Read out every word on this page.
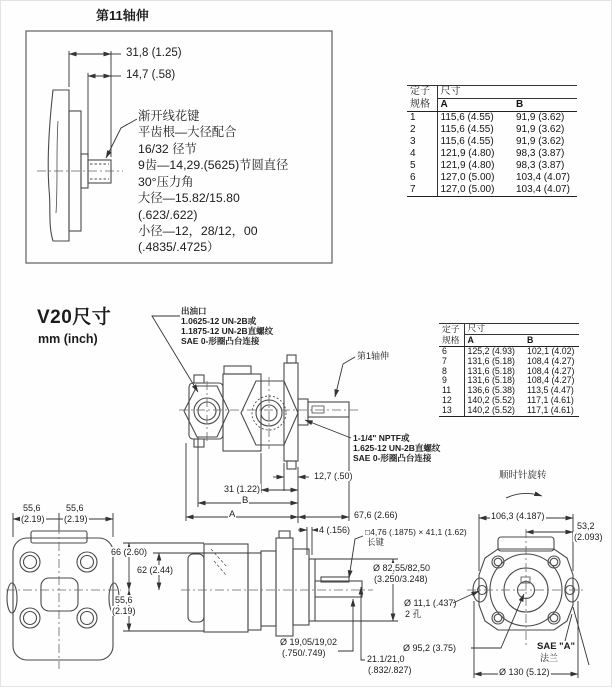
第11轴伸
31,8 (1.25)
14,7 (.58)
渐开线花键
平齿根—大径配合
16/32 径节
9齿—14,29.(5625)节圆直径
30°压力角
大径—15.82/15.80
(.623/.622)
小径—12，28/12，00
(.4835/.4725）
定子
规格	尺寸	
	A	B
1	115,6 (4.55)	91,9 (3.62)
2	115,6 (4.55)	91,9 (3.62)
3	115,6 (4.55)	91,9 (3.62)
4	121,9 (4.80)	98,3 (3.87)
5	121,9 (4.80)	98,3 (3.87)
6	127,0 (5.00)	103,4 (4.07)
7	127,0 (5.00)	103,4 (4.07)
定子
规格	尺寸	
	A	B
6	125,2 (4.93)	102,1 (4.02)
7	131,6 (5.18)	108,4 (4.27)
8	131,6 (5.18)	108,4 (4.27)
9	131,6 (5.18)	108,4 (4.27)
11	136,6 (5.38)	113,5 (4.47)
12	140,2 (5.52)	117,1 (4.61)
13	140,2 (5.52)	117,1 (4.61)
V20尺寸
mm (inch)
出油口
1.0625-12 UN-2B或
1.1875-12 UN-2B直螺纹
SAE 0-形圈凸台连接
第1轴伸
1-1/4" NPTF或
1.625-12 UN-2B直螺纹
SAE 0-形圈凸台连接
12,7 (.50)
31 (1.22)
B
A	67,6 (2.66)
55,6
(2.19)
55,6
(2.19)
66 (2.60)
62 (2.44)
55,6
(2.19)
4 (.156) □4,76 (.1875) × 41,1 (1.62)
长键
Ø 82,55/82,50
(3.250/3.248)
Ø 19,05/19,02
(.750/.749)
21.1/21,0
(.832/.827)
顺时针旋转
106,3 (4.187)
53,2
(2.093)
Ø 11,1 (.437)
2 孔
Ø 95,2 (3.75)	SAE "A"
法兰
Ø 130 (5.12)
